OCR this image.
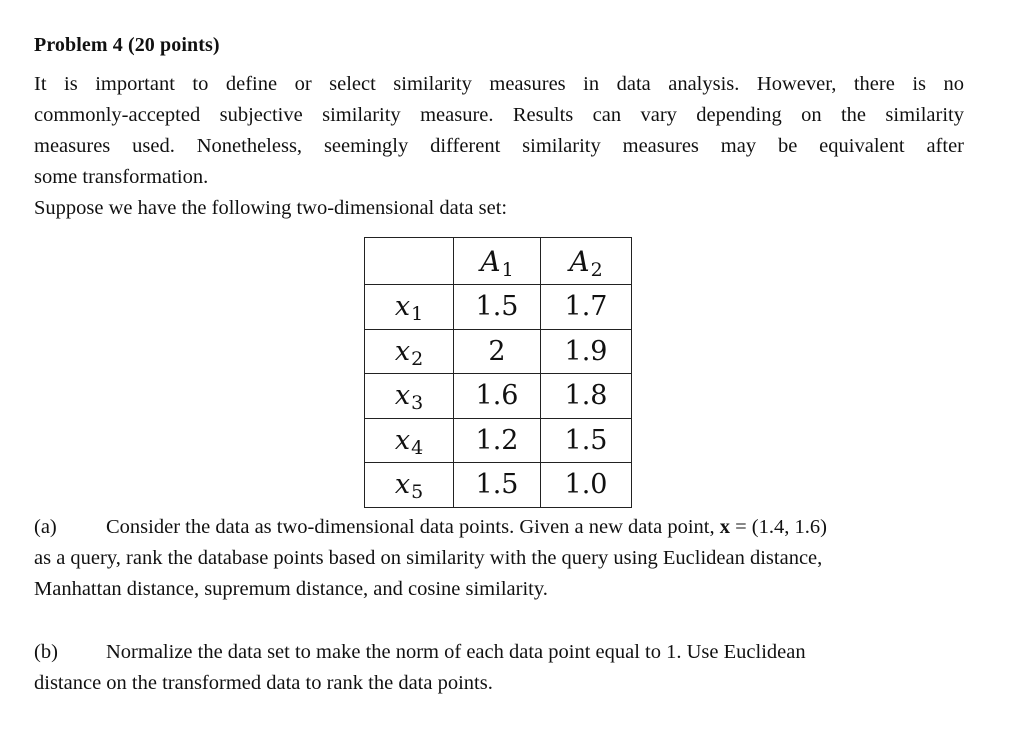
Problem 4 (20 points)
It is important to define or select similarity measures in data analysis. However, there is no
commonly-accepted subjective similarity measure. Results can vary depending on the similarity
measures used. Nonetheless, seemingly different similarity measures may be equivalent after
some transformation.
Suppose we have the following two-dimensional data set:
	A1	A2
x1	1.5	1.7
x2	2	1.9
x3	1.6	1.8
x4	1.2	1.5
x5	1.5	1.0
(a) Consider the data as two-dimensional data points. Given a new data point, x = (1.4, 1.6)
as a query, rank the database points based on similarity with the query using Euclidean distance,
Manhattan distance, supremum distance, and cosine similarity.
(b) Normalize the data set to make the norm of each data point equal to 1. Use Euclidean
distance on the transformed data to rank the data points.
